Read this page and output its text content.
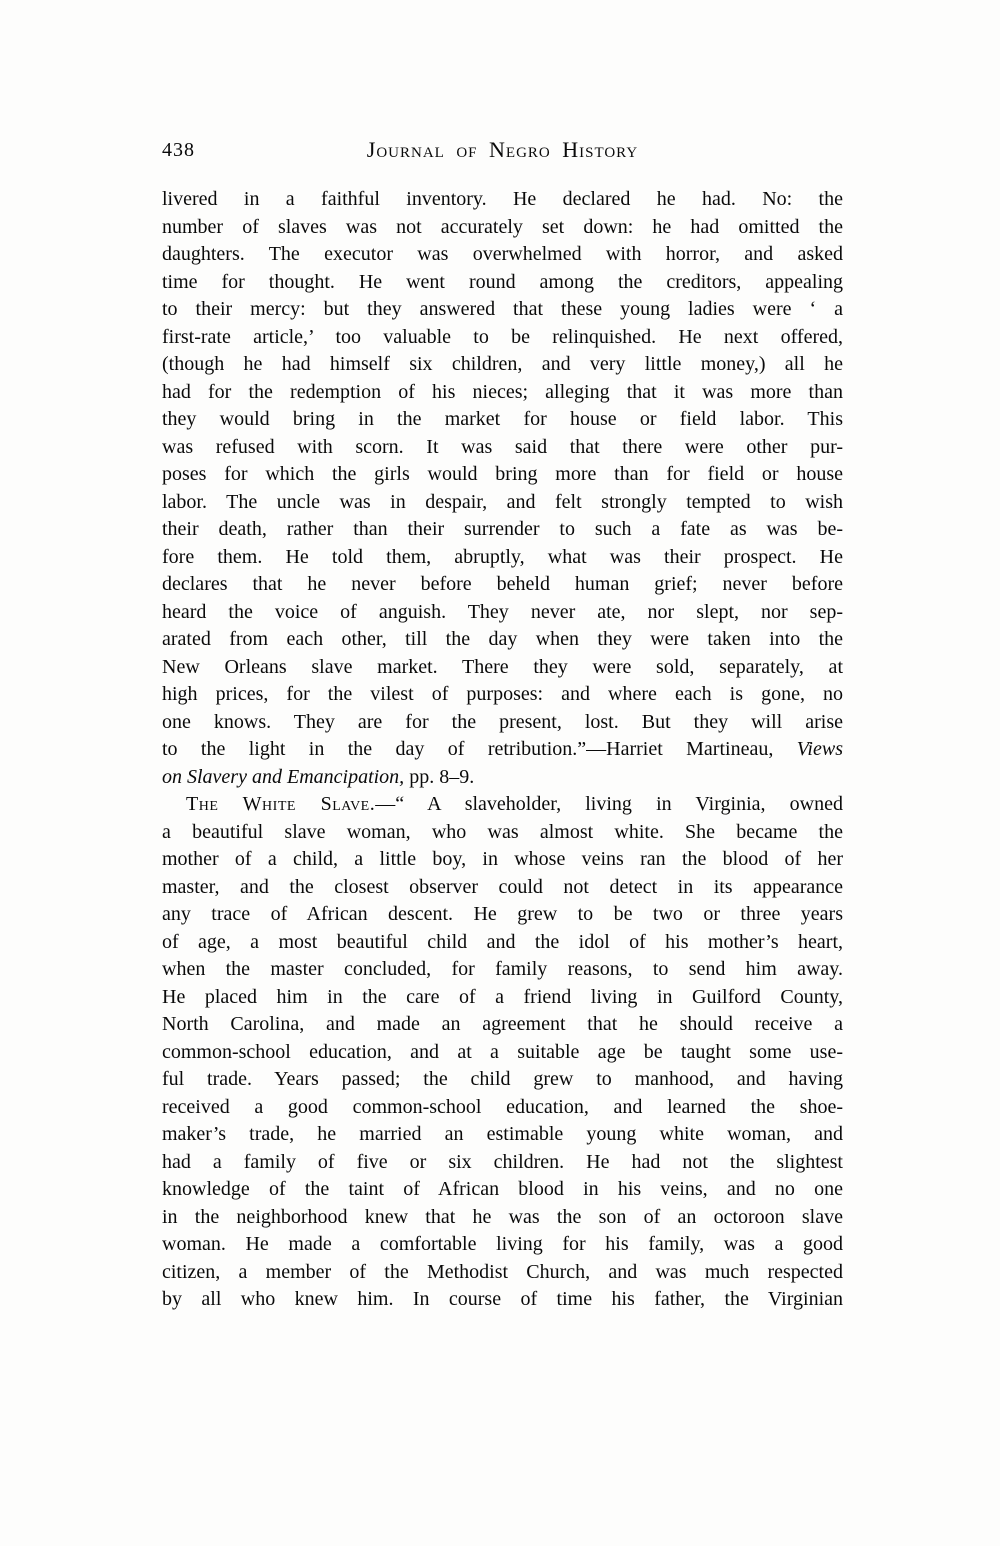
438	Journal of Negro History
livered in a faithful inventory. He declared he had. No: the
number of slaves was not accurately set down: he had omitted the
daughters. The executor was overwhelmed with horror, and asked
time for thought. He went round among the creditors, appealing
to their mercy: but they answered that these young ladies were ‘ a
first-rate article,’ too valuable to be relinquished. He next offered,
(though he had himself six children, and very little money,) all he
had for the redemption of his nieces; alleging that it was more than
they would bring in the market for house or field labor. This
was refused with scorn. It was said that there were other pur-
poses for which the girls would bring more than for field or house
labor. The uncle was in despair, and felt strongly tempted to wish
their death, rather than their surrender to such a fate as was be-
fore them. He told them, abruptly, what was their prospect. He
declares that he never before beheld human grief; never before
heard the voice of anguish. They never ate, nor slept, nor sep-
arated from each other, till the day when they were taken into the
New Orleans slave market. There they were sold, separately, at
high prices, for the vilest of purposes: and where each is gone, no
one knows. They are for the present, lost. But they will arise
to the light in the day of retribution.”—Harriet Martineau, Views
on Slavery and Emancipation, pp. 8–9.
The White Slave.—“ A slaveholder, living in Virginia, owned
a beautiful slave woman, who was almost white. She became the
mother of a child, a little boy, in whose veins ran the blood of her
master, and the closest observer could not detect in its appearance
any trace of African descent. He grew to be two or three years
of age, a most beautiful child and the idol of his mother’s heart,
when the master concluded, for family reasons, to send him away.
He placed him in the care of a friend living in Guilford County,
North Carolina, and made an agreement that he should receive a
common-school education, and at a suitable age be taught some use-
ful trade. Years passed; the child grew to manhood, and having
received a good common-school education, and learned the shoe-
maker’s trade, he married an estimable young white woman, and
had a family of five or six children. He had not the slightest
knowledge of the taint of African blood in his veins, and no one
in the neighborhood knew that he was the son of an octoroon slave
woman. He made a comfortable living for his family, was a good
citizen, a member of the Methodist Church, and was much respected
by all who knew him. In course of time his father, the Virginian
